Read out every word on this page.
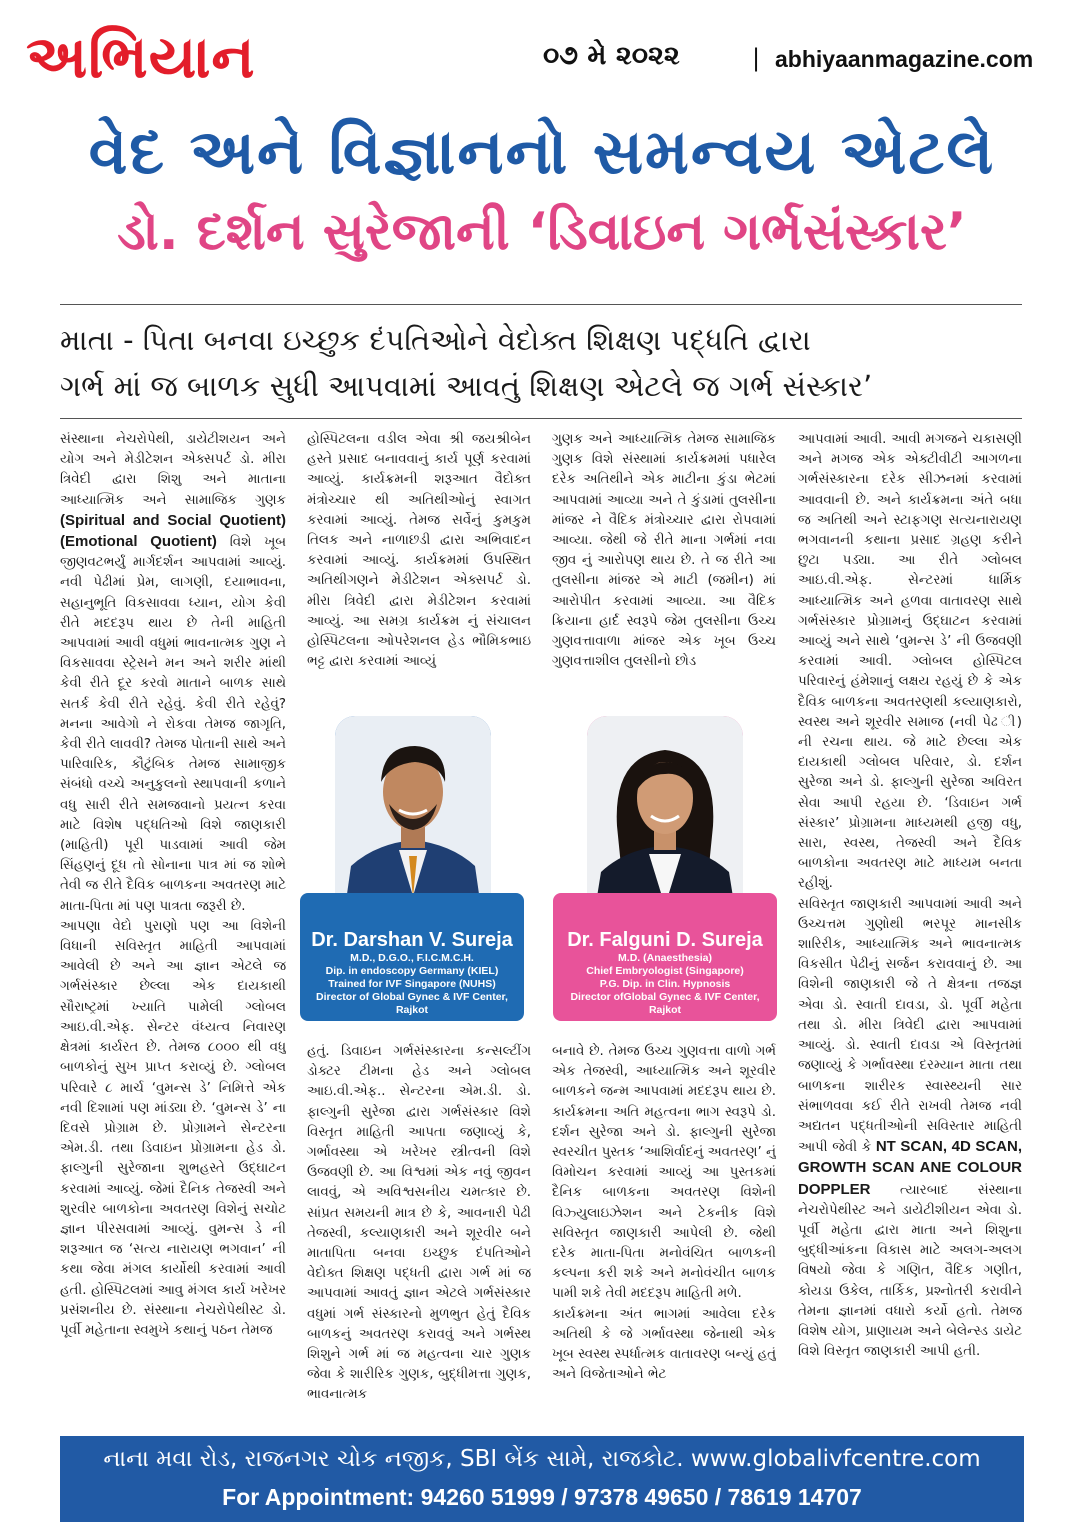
અભિયાન	૦૭ મે ૨૦૨૨	| abhiyaanmagazine.com
વેદ અને વિજ્ઞાનનો સમન્વય એટલે
ડો. દર્શન સુરેજાની ‘ડિવાઇન ગર્ભસંસ્કાર’
માતા - પિતા બનવા ઇચ્છુક દંપતિઓને વેદોક્ત શિક્ષણ પદ્ધતિ દ્વારા
ગર્ભ માં જ બાળક સુધી આપવામાં આવતું શિક્ષણ એટલે જ ગર્ભ સંસ્કાર’

સંસ્થાના નેચરોપેથી, ડાયેટીશયન અને યોગ અને મેડીટેશન એક્સપર્ટ ડો. મીરા ત્રિવેદી દ્વારા શિશુ અને માતાના આધ્યાત્મિક અને સામાજિક ગુણક (Spiritual and Social Quotient) (Emotional Quotient) વિશે ખૂબ જીણવટભર્યું માર્ગદર્શન આપવામાં આવ્યું. નવી પેઢીમાં પ્રેમ, લાગણી, દયાભાવના, સહાનુભૂતિ વિકસાવવા ધ્યાન, યોગ કેવી રીતે મદદરૂપ થાય છે તેની માહિતી આપવામાં આવી વધુમાં ભાવનાત્મક ગુણ ને વિકસાવવા સ્ટ્રેસને મન અને શરીર માંથી કેવી રીતે દૂર કરવો માતાને બાળક સાથે સતર્ક કેવી રીતે રહેવું. કેવી રીતે રહેવું? મનના આવેગો ને રોકવા તેમજ જાગૃતિ, કેવી રીતે લાવવી? તેમજ પોતાની સાથે અને પારિવારિક, કૌટુંબિક તેમજ સામાજીક સંબંધો વચ્ચે અનુકુલનો સ્થાપવાની કળાને વધુ સારી રીતે સમજવાનો પ્રયત્ન કરવા માટે વિશેષ પદ્ધતિઓ વિશે જાણકારી (માહિતી) પૂરી પાડવામાં આવી જેમ સિંહણનું દૂધ તો સોનાના પાત્ર માં જ શોભે તેવી જ રીતે દૈવિક બાળકના અવતરણ માટે માતા-પિતા માં પણ પાત્રતા જરૂરી છે.

આપણા વેદો પુરાણો પણ આ વિશેની વિધાની સવિસ્તૃત માહિતી આપવામાં આવેલી છે અને આ જ્ઞાન એટલે જ ગર્ભસંસ્કાર છેલ્લા એક દાયકાથી સૌરાષ્ટ્રમાં ખ્યાતિ પામેલી ગ્લોબલ આઇ.વી.એફ. સેન્ટર વંધ્યત્વ નિવારણ ક્ષેત્રમાં કાર્યરત છે. તેમજ ૮૦૦૦ થી વધુ બાળકોનું સુખ પ્રાપ્ત કરાવ્યું છે. ગ્લોબલ પરિવારે ૮ માર્ચ ‘વુમન્સ ડે’ નિમિત્તે એક નવી દિશામાં પણ માંડ્યા છે. ‘વુમન્સ ડે’ ના દિવસે પ્રોગ્રામ છે. પ્રોગ્રામને સેન્ટરના એમ.ડી. તથા ડિવાઇન પ્રોગ્રામના હેડ ડો. ફાલ્ગુની સુરેજાના શુભહસ્તે ઉદ્ઘાટન કરવામાં આવ્યું. જેમાં દૈનિક તેજસ્વી અને શુરવીર બાળકોના અવતરણ વિશેનું સચોટ જ્ઞાન પીરસવામાં આવ્યું. વુમન્સ ડે ની શરૂઆત જ ‘સત્ય નારાયણ ભગવાન’ ની કથા જેવા મંગલ કાર્યોથી કરવામાં આવી હતી. હોસ્પિટલમાં આવુ મંગલ કાર્ય ખરેખર પ્રસંશનીય છે. સંસ્થાના નેચરોપેથીસ્ટ ડો. પૂર્વી મહેતાના સ્વમુખે કથાનું પઠન તેમજ

હોસ્પિટલના વડીલ એવા શ્રી જયશ્રીબેન હસ્તે પ્રસાદ બનાવવાનું કાર્ય પૂર્ણ કરવામાં આવ્યું. કાર્યક્રમની શરૂઆત વૈદોક્ત મંત્રોચ્ચાર થી અતિથીઓનું સ્વાગત કરવામાં આવ્યું. તેમજ સર્વેનું કુમકુમ તિલક અને નાળાછડી દ્વારા અભિવાદન કરવામાં આવ્યું. કાર્યક્રમમાં ઉપસ્થિત અતિથીગણને મેડીટેશન એક્સપર્ટ ડો. મીરા ત્રિવેદી દ્વારા મેડીટેશન કરવામાં આવ્યું. આ સમગ્ર કાર્યક્રમ નું સંચાલન હોસ્પિટલના ઓપરેશનલ હેડ ભૌમિકભાઇ ભટ્ટ દ્વારા કરવામાં આવ્યું

ગુણક અને આધ્યાત્મિક તેમજ સામાજિક ગુણક વિશે સંસ્થામાં કાર્યક્રમમાં પધારેલ દરેક અતિથીને એક માટીના કુંડા ભેટમાં આપવામાં આવ્યા અને તે કુંડામાં તુલસીના માંજર ને વૈદિક મંત્રોચ્ચાર દ્વારા રોપવામાં આવ્યા. જેથી જે રીતે માના ગર્ભમાં નવા જીવ નું આરોપણ થાય છે. તે જ રીતે આ તુલસીના માંજર એ માટી (જમીન) માં આરોપીત કરવામાં આવ્યા. આ વૈદિક ક્રિયાના હાર્દ સ્વરૂપે જેમ તુલસીના ઉચ્ચ ગુણવત્તાવાળા માંજર એક ખૂબ ઉચ્ચ ગુણવત્તાશીલ તુલસીનો છોડ

Dr. Darshan V. Sureja
M.D., D.G.O., F.I.C.M.C.H.
Dip. in endoscopy Germany (KIEL)
Trained for IVF Singapore (NUHS)
Director of Global Gynec & IVF Center, Rajkot
Dr. Falguni D. Sureja
M.D. (Anaesthesia)
Chief Embryologist (Singapore)
P.G. Dip. in Clin. Hypnosis
Director ofGlobal Gynec & IVF Center, Rajkot

હતું. ડિવાઇન ગર્ભસંસ્કારના કન્સલ્ટીંગ ડોક્ટર ટીમના હેડ અને ગ્લોબલ આઇ.વી.એફ.. સેન્ટરના એમ.ડી. ડો. ફાલ્ગુની સુરેજા દ્વારા ગર્ભસંસ્કાર વિશે વિસ્તૃત માહિતી આપતા જણાવ્યું કે, ગર્ભાવસ્થા એ ખરેખર સ્ત્રીત્વની વિશે ઉજવણી છે. આ વિશ્વમાં એક નવું જીવન લાવવું, એ અવિશ્વસનીય ચમત્કાર છે. સાંપ્રત સમયની માત્ર છે કે, આવનારી પેઢી તેજસ્વી, કલ્યાણકારી અને શૂરવીર બને માતાપિતા બનવા ઇચ્છુક દંપતિઓને વેદોક્ત શિક્ષણ પદ્ધતી દ્વારા ગર્ભ માં જ આપવામાં આવતું જ્ઞાન એટલે ગર્ભસંસ્કાર વધુમાં ગર્ભ સંસ્કારનો મુળભુત હેતું દૈવિક બાળકનું અવતરણ કરાવવું અને ગર્ભસ્થ શિશુને ગર્ભ માં જ મહત્વના ચાર ગુણક જેવા કે શારીરિક ગુણક, બુદ્ધીમત્તા ગુણક, ભાવનાત્મક

બનાવે છે. તેમજ ઉચ્ચ ગુણવત્તા વાળો ગર્ભ એક તેજસ્વી, આધ્યાત્મિક અને શૂરવીર બાળકને જન્મ આપવામાં મદદરૂપ થાય છે. કાર્યક્રમના અતિ મહત્વના ભાગ સ્વરૂપે ડો. દર્શન સુરેજા અને ડો. ફાલ્ગુની સુરેજા સ્વરચીત પુસ્તક ‘આશિર્વાદનું અવતરણ’ નું વિમોચન કરવામાં આવ્યું આ પુસ્તકમાં દૈનિક બાળકના અવતરણ વિશેની વિઝ્યુલાઇઝેશન અને ટેકનીક વિશે સવિસ્તૃત જાણકારી આપેલી છે. જેથી દરેક માતા-પિતા મનોવંચિત બાળકની કલ્પના કરી શકે અને મનોવંચીત બાળક પામી શકે તેવી મદદરૂપ માહિતી મળે.

કાર્યક્રમના અંત ભાગમાં આવેલા દરેક અતિથી કે જે ગર્ભાવસ્થા જેનાથી એક ખૂબ સ્વસ્થ સ્પર્ધાત્મક વાતાવરણ બન્યું હતું અને વિજેતાઓને ભેટ

આપવામાં આવી. આવી મગજને ચકાસણી અને મગજ એક એક્ટીવીટી આગળના ગર્ભસંસ્કારના દરેક સીઝનમાં કરવામાં આવવાની છે. અને કાર્યક્રમના અંતે બધા જ અતિથી અને સ્ટાફગણ સત્યનારાયણ ભગવાનની કથાના પ્રસાદ ગ્રહણ કરીને છુટા પડ્યા. આ રીતે ગ્લોબલ આઇ.વી.એફ. સેન્ટરમાં ધાર્મિક આધ્યાત્મિક અને હળવા વાતાવરણ સાથે ગર્ભસંસ્કાર પ્રોગ્રામનું ઉદ્ઘાટન કરવામાં આવ્યું અને સાથે ‘વુમન્સ ડે’ ની ઉજવણી કરવામાં આવી. ગ્લોબલ હોસ્પિટલ પરિવારનું હંમેશાનું લક્ષય રહયું છે કે એક દૈવિક બાળકના અવતરણથી કલ્યાણકારો, સ્વસ્થ અને શૂરવીર સમાજ (નવી પેઢ ી) ની રચના થાય. જે માટે છેલ્લા એક દાયકાથી ગ્લોબલ પરિવાર, ડો. દર્શન સુરેજા અને ડો. ફાલ્ગુની સુરેજા અવિરત સેવા આપી રહયા છે. ‘ડિવાઇન ગર્ભ સંસ્કાર’ પ્રોગ્રામના માધ્યમથી હજી વધુ, સારા, સ્વસ્થ, તેજસ્વી અને દૈવિક બાળકોના અવતરણ માટે માધ્યમ બનતા રહીશું.

સવિસ્તૃત જાણકારી આપવામાં આવી અને ઉચ્ચત્તમ ગુણોથી ભરપૂર માનસીક શારિરીક, આધ્યાત્મિક અને ભાવનાત્મક વિકસીત પેઢીનું સર્જન કરાવવાનું છે. આ વિશેની જાણકારી જે તે ક્ષેત્રના તજજ્ઞ એવા ડો. સ્વાતી દાવડા, ડો. પૂર્વી મહેતા તથા ડો. મીરા ત્રિવેદી દ્વારા આપવામાં આવ્યું. ડો. સ્વાતી દાવડા એ વિસ્તૃતમાં જણાવ્યું કે ગર્ભાવસ્થા દરમ્યાન માતા તથા બાળકના શારીરક સ્વાસ્થ્યની સાર સંભાળવવા કઈ રીતે રાખવી તેમજ નવી અદ્યતન પદ્ધતીઓની સવિસ્તાર માહિતી આપી જેવી કે NT SCAN, 4D SCAN, GROWTH SCAN ANE COLOUR DOPPLER ત્યારબાદ સંસ્થાના નેચરોપેથીસ્ટ અને ડાયેટીશીયન એવા ડો. પૂર્વી મહેતા દ્વારા માતા અને શિશુના બુદ્ધીઆંકના વિકાસ માટે અલગ-અલગ વિષયો જેવા કે ગણિત, વૈદિક ગણીત, કોયડા ઉકેલ, તાર્કિક, પ્રશ્નોતરી કરાવીને તેમના જ્ઞાનમાં વધારો કર્યો હતો. તેમજ વિશેષ યોગ, પ્રાણાયમ અને બેલેન્સ્ડ ડાયેટ વિશે વિસ્તૃત જાણકારી આપી હતી.

નાના મવા રોડ, રાજનગર ચોક નજીક, SBI બેંક સામે, રાજકોટ. www.globalivfcentre.com
For Appointment: 94260 51999 / 97378 49650 / 78619 14707
